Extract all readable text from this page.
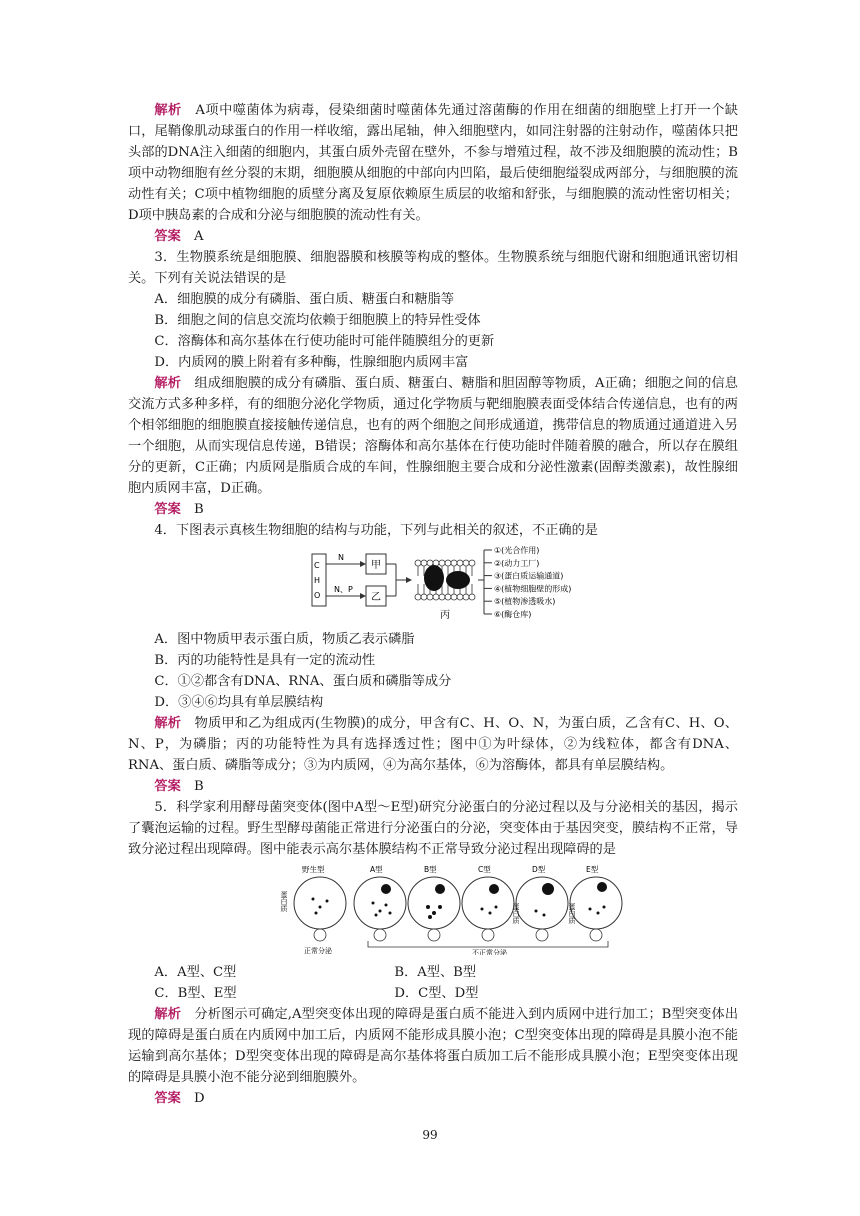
解析　 A项中噬菌体为病毒，侵染细菌时噬菌体先通过溶菌酶的作用在细菌的细胞壁上打开一个缺口，尾鞘像肌动球蛋白的作用一样收缩，露出尾轴，伸入细胞壁内，如同注射器的注射动作，噬菌体只把头部的DNA注入细菌的细胞内，其蛋白质外壳留在壁外，不参与增殖过程，故不涉及细胞膜的流动性；B项中动物细胞有丝分裂的末期，细胞膜从细胞的中部向内凹陷，最后使细胞缢裂成两部分，与细胞膜的流动性有关；C项中植物细胞的质壁分离及复原依赖原生质层的收缩和舒张，与细胞膜的流动性密切相关；D项中胰岛素的合成和分泌与细胞膜的流动性有关。

答案　 A

3．生物膜系统是细胞膜、细胞器膜和核膜等构成的整体。生物膜系统与细胞代谢和细胞通讯密切相关。下列有关说法错误的是

A．细胞膜的成分有磷脂、蛋白质、糖蛋白和糖脂等

B．细胞之间的信息交流均依赖于细胞膜上的特异性受体

C．溶酶体和高尔基体在行使功能时可能伴随膜组分的更新

D．内质网的膜上附着有多种酶，性腺细胞内质网丰富

解析　 组成细胞膜的成分有磷脂、蛋白质、糖蛋白、糖脂和胆固醇等物质，A正确；细胞之间的信息交流方式多种多样，有的细胞分泌化学物质，通过化学物质与靶细胞膜表面受体结合传递信息，也有的两个相邻细胞的细胞膜直接接触传递信息，也有的两个细胞之间形成通道，携带信息的物质通过通道进入另一个细胞，从而实现信息传递，B错误；溶酶体和高尔基体在行使功能时伴随着膜的融合，所以存在膜组分的更新，C正确；内质网是脂质合成的车间，性腺细胞主要合成和分泌性激素(固醇类激素)，故性腺细胞内质网丰富，D正确。

答案　 B

4．下图表示真核生物细胞的结构与功能，下列与此相关的叙述，不正确的是

C
H
O
N
N、P
甲
乙
丙
①(光合作用)
②(动力工厂)
③(蛋白质运输通道)
④(植物细胞壁的形成)
⑤(植物渗透吸水)
⑥(酶仓库)

A．图中物质甲表示蛋白质，物质乙表示磷脂

B．丙的功能特性是具有一定的流动性

C．①②都含有DNA、RNA、蛋白质和磷脂等成分

D．③④⑥均具有单层膜结构

解析　 物质甲和乙为组成丙(生物膜)的成分，甲含有C、H、O、N，为蛋白质，乙含有C、H、O、N、P，为磷脂；丙的功能特性为具有选择透过性；图中①为叶绿体，②为线粒体，都含有DNA、RNA、蛋白质、磷脂等成分；③为内质网，④为高尔基体，⑥为溶酶体，都具有单层膜结构。

答案　 B

5．科学家利用酵母菌突变体(图中A型～E型)研究分泌蛋白的分泌过程以及与分泌相关的基因，揭示了囊泡运输的过程。野生型酵母菌能正常进行分泌蛋白的分泌，突变体由于基因突变，膜结构不正常，导致分泌过程出现障碍。图中能表示高尔基体膜结构不正常导致分泌过程出现障碍的是

野生型	A型	B型	C型	D型	E型
蛋白质
蛋白质	蛋白质
正常分泌	不正常分泌

A．A型、C型	B．A型、B型

C．B型、E型	D．C型、D型

解析　 分析图示可确定,A型突变体出现的障碍是蛋白质不能进入到内质网中进行加工；B型突变体出现的障碍是蛋白质在内质网中加工后，内质网不能形成具膜小泡；C型突变体出现的障碍是具膜小泡不能运输到高尔基体；D型突变体出现的障碍是高尔基体将蛋白质加工后不能形成具膜小泡；E型突变体出现的障碍是具膜小泡不能分泌到细胞膜外。

答案　 D

99
